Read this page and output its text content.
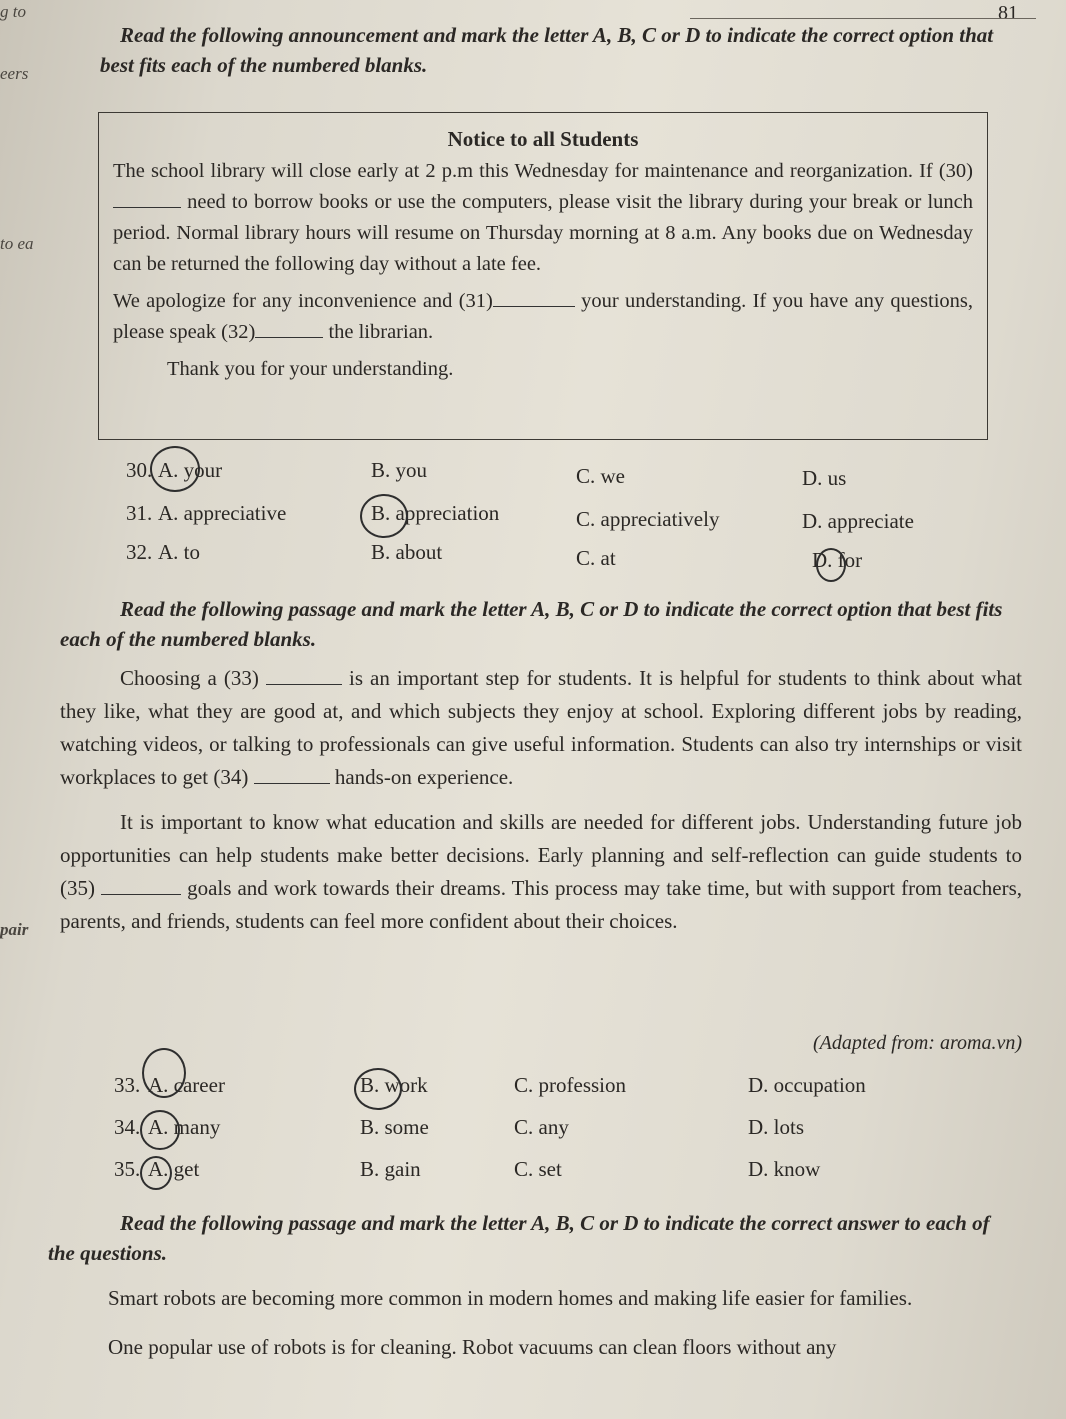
81
g to
eers
to ea
pair
Read the following announcement and mark the letter A, B, C or D to indicate the correct option that best fits each of the numbered blanks.
Notice to all Students

The school library will close early at 2 p.m this Wednesday for maintenance and reorganization. If (30) need to borrow books or use the computers, please visit the library during your break or lunch period. Normal library hours will resume on Thursday morning at 8 a.m. Any books due on Wednesday can be returned the following day without a late fee.

We apologize for any inconvenience and (31)	your understanding. If you have any questions, please speak (32)	the librarian.

Thank you for your understanding.

30. A. your	B. you	C. we	D. us
31. A. appreciative	B. appreciation	C. appreciatively	D. appreciate
32. A. to	B. about	C. at	D. for
Read the following passage and mark the letter A, B, C or D to indicate the correct option that best fits each of the numbered blanks.

Choosing a (33)	is an important step for students. It is helpful for students to think about what they like, what they are good at, and which subjects they enjoy at school. Exploring different jobs by reading, watching videos, or talking to professionals can give useful information. Students can also try internships or visit workplaces to get (34)	hands-on experience.

It is important to know what education and skills are needed for different jobs. Understanding future job opportunities can help students make better decisions. Early planning and self-reflection can guide students to (35)	goals and work towards their dreams. This process may take time, but with support from teachers, parents, and friends, students can feel more confident about their choices.

(Adapted from: aroma.vn)
33. A. career	B. work	C. profession	D. occupation
34. A. many	B. some	C. any	D. lots
35. A. get	B. gain	C. set	D. know
Read the following passage and mark the letter A, B, C or D to indicate the correct answer to each of the questions.

Smart robots are becoming more common in modern homes and making life easier for families.

One popular use of robots is for cleaning. Robot vacuums can clean floors without any
